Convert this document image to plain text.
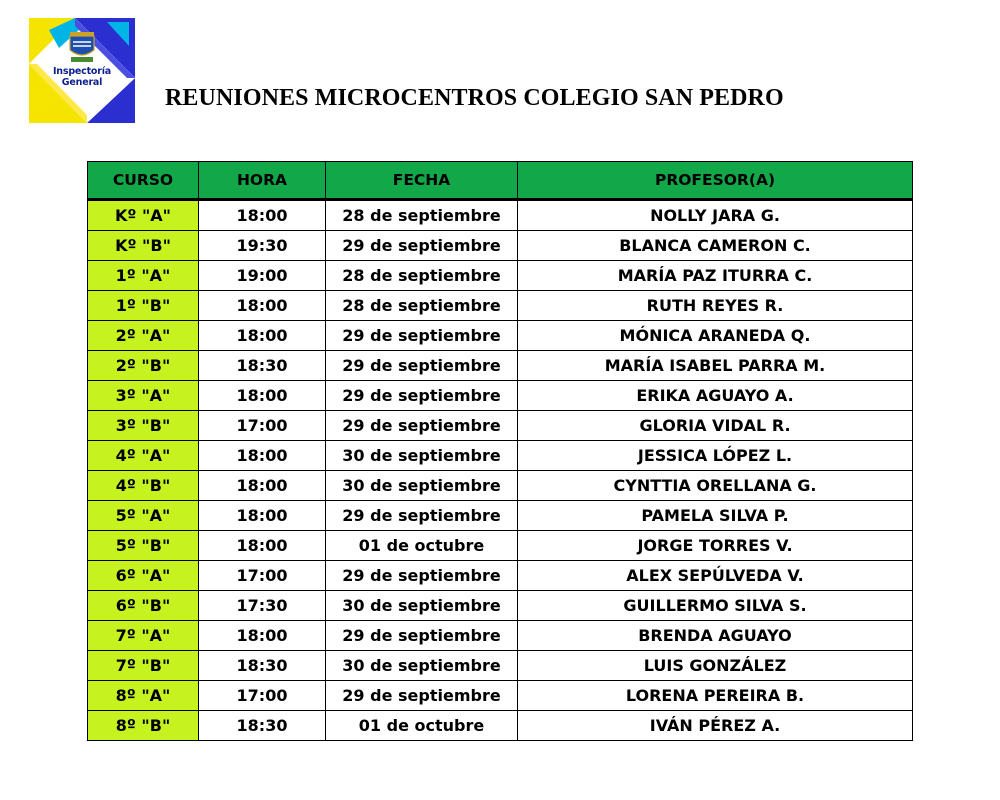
Inspectoría
General
REUNIONES MICROCENTROS COLEGIO SAN PEDRO
CURSO	HORA	FECHA	PROFESOR(A)
Kº "A"	18:00	28 de septiembre	NOLLY JARA G.
Kº "B"	19:30	29 de septiembre	BLANCA CAMERON C.
1º "A"	19:00	28 de septiembre	MARÍA PAZ ITURRA C.
1º "B"	18:00	28 de septiembre	RUTH REYES R.
2º "A"	18:00	29 de septiembre	MÓNICA ARANEDA Q.
2º "B"	18:30	29 de septiembre	MARÍA ISABEL PARRA M.
3º "A"	18:00	29 de septiembre	ERIKA AGUAYO A.
3º "B"	17:00	29 de septiembre	GLORIA VIDAL R.
4º "A"	18:00	30 de septiembre	JESSICA LÓPEZ L.
4º "B"	18:00	30 de septiembre	CYNTTIA ORELLANA G.
5º "A"	18:00	29 de septiembre	PAMELA SILVA P.
5º "B"	18:00	01 de octubre	JORGE TORRES V.
6º "A"	17:00	29 de septiembre	ALEX SEPÚLVEDA V.
6º "B"	17:30	30 de septiembre	GUILLERMO SILVA S.
7º "A"	18:00	29 de septiembre	BRENDA AGUAYO
7º "B"	18:30	30 de septiembre	LUIS GONZÁLEZ
8º "A"	17:00	29 de septiembre	LORENA PEREIRA B.
8º "B"	18:30	01 de octubre	IVÁN PÉREZ A.
